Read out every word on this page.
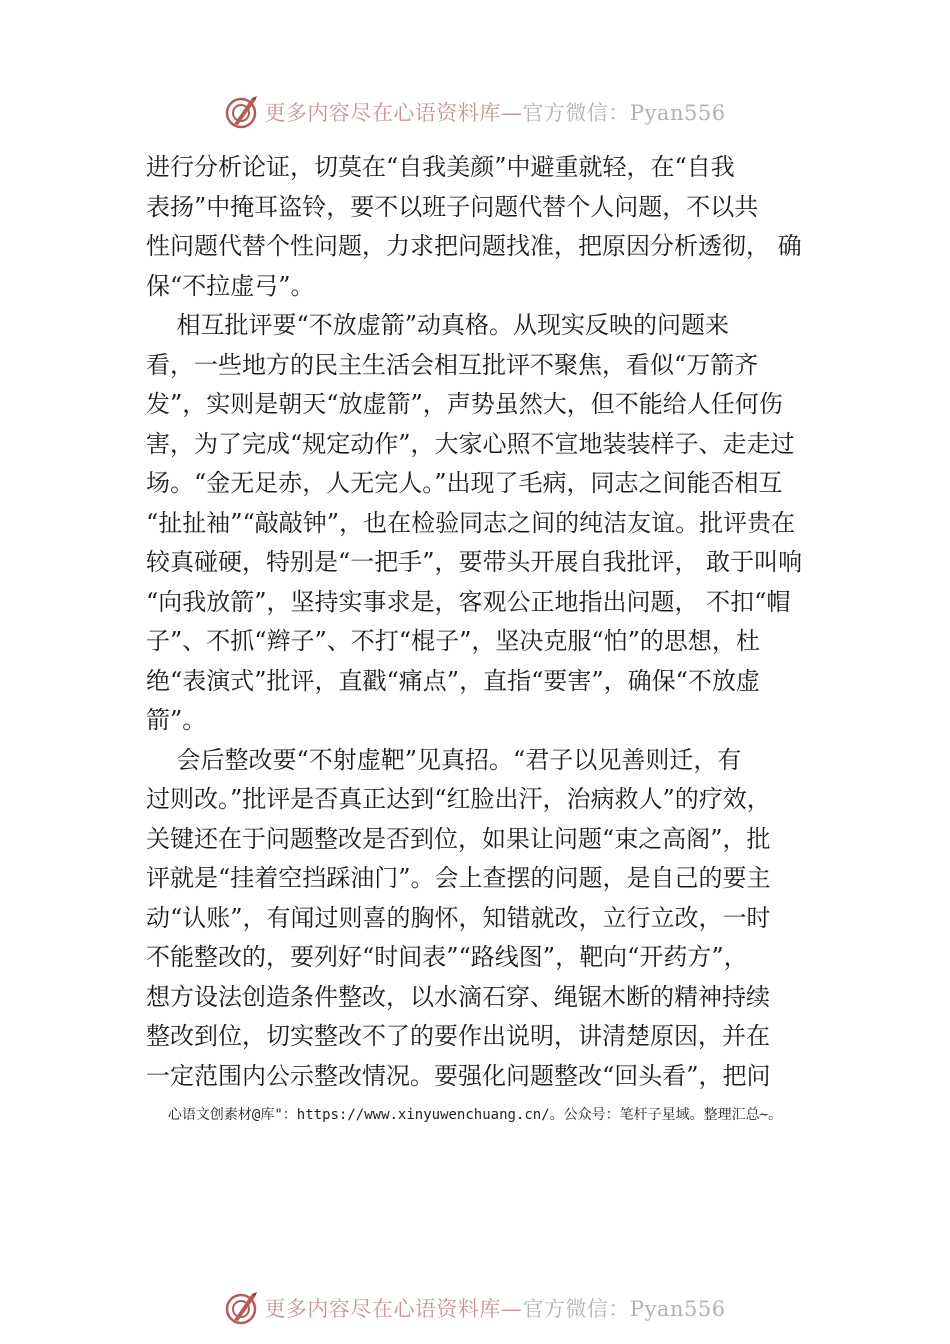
更多内容尽在心语资料库—官方微信：Pyan556
进行分析论证，切莫在“自我美颜”中避重就轻，在“自我
表扬”中掩耳盗铃，要不以班子问题代替个人问题，不以共
性问题代替个性问题，力求把问题找准，把原因分析透彻， 确
保“不拉虚弓”。
相互批评要“不放虚箭”动真格。从现实反映的问题来
看，一些地方的民主生活会相互批评不聚焦，看似“万箭齐
发”，实则是朝天“放虚箭”，声势虽然大，但不能给人任何伤
害，为了完成“规定动作”，大家心照不宣地装装样子、走走过
场。“金无足赤，人无完人。”出现了毛病，同志之间能否相互
“扯扯袖”“敲敲钟”，也在检验同志之间的纯洁友谊。批评贵在
较真碰硬，特别是“一把手”，要带头开展自我批评， 敢于叫响
“向我放箭”，坚持实事求是，客观公正地指出问题， 不扣“帽
子”、不抓“辫子”、不打“棍子”，坚决克服“怕”的思想，杜
绝“表演式”批评，直戳“痛点”，直指“要害”，确保“不放虚
箭”。
会后整改要“不射虚靶”见真招。“君子以见善则迁，有
过则改。”批评是否真正达到“红脸出汗，治病救人”的疗效，
关键还在于问题整改是否到位，如果让问题“束之高阁”，批
评就是“挂着空挡踩油门”。会上查摆的问题，是自己的要主
动“认账”，有闻过则喜的胸怀，知错就改，立行立改，一时
不能整改的，要列好“时间表”“路线图”，靶向“开药方”，
想方设法创造条件整改，以水滴石穿、绳锯木断的精神持续
整改到位，切实整改不了的要作出说明，讲清楚原因，并在
一定范围内公示整改情况。要强化问题整改“回头看”，把问
心语文创素材@库"：https://www.xinyuwenchuang.cn/。公众号：笔杆子星域。整理汇总~。
更多内容尽在心语资料库—官方微信：Pyan556
